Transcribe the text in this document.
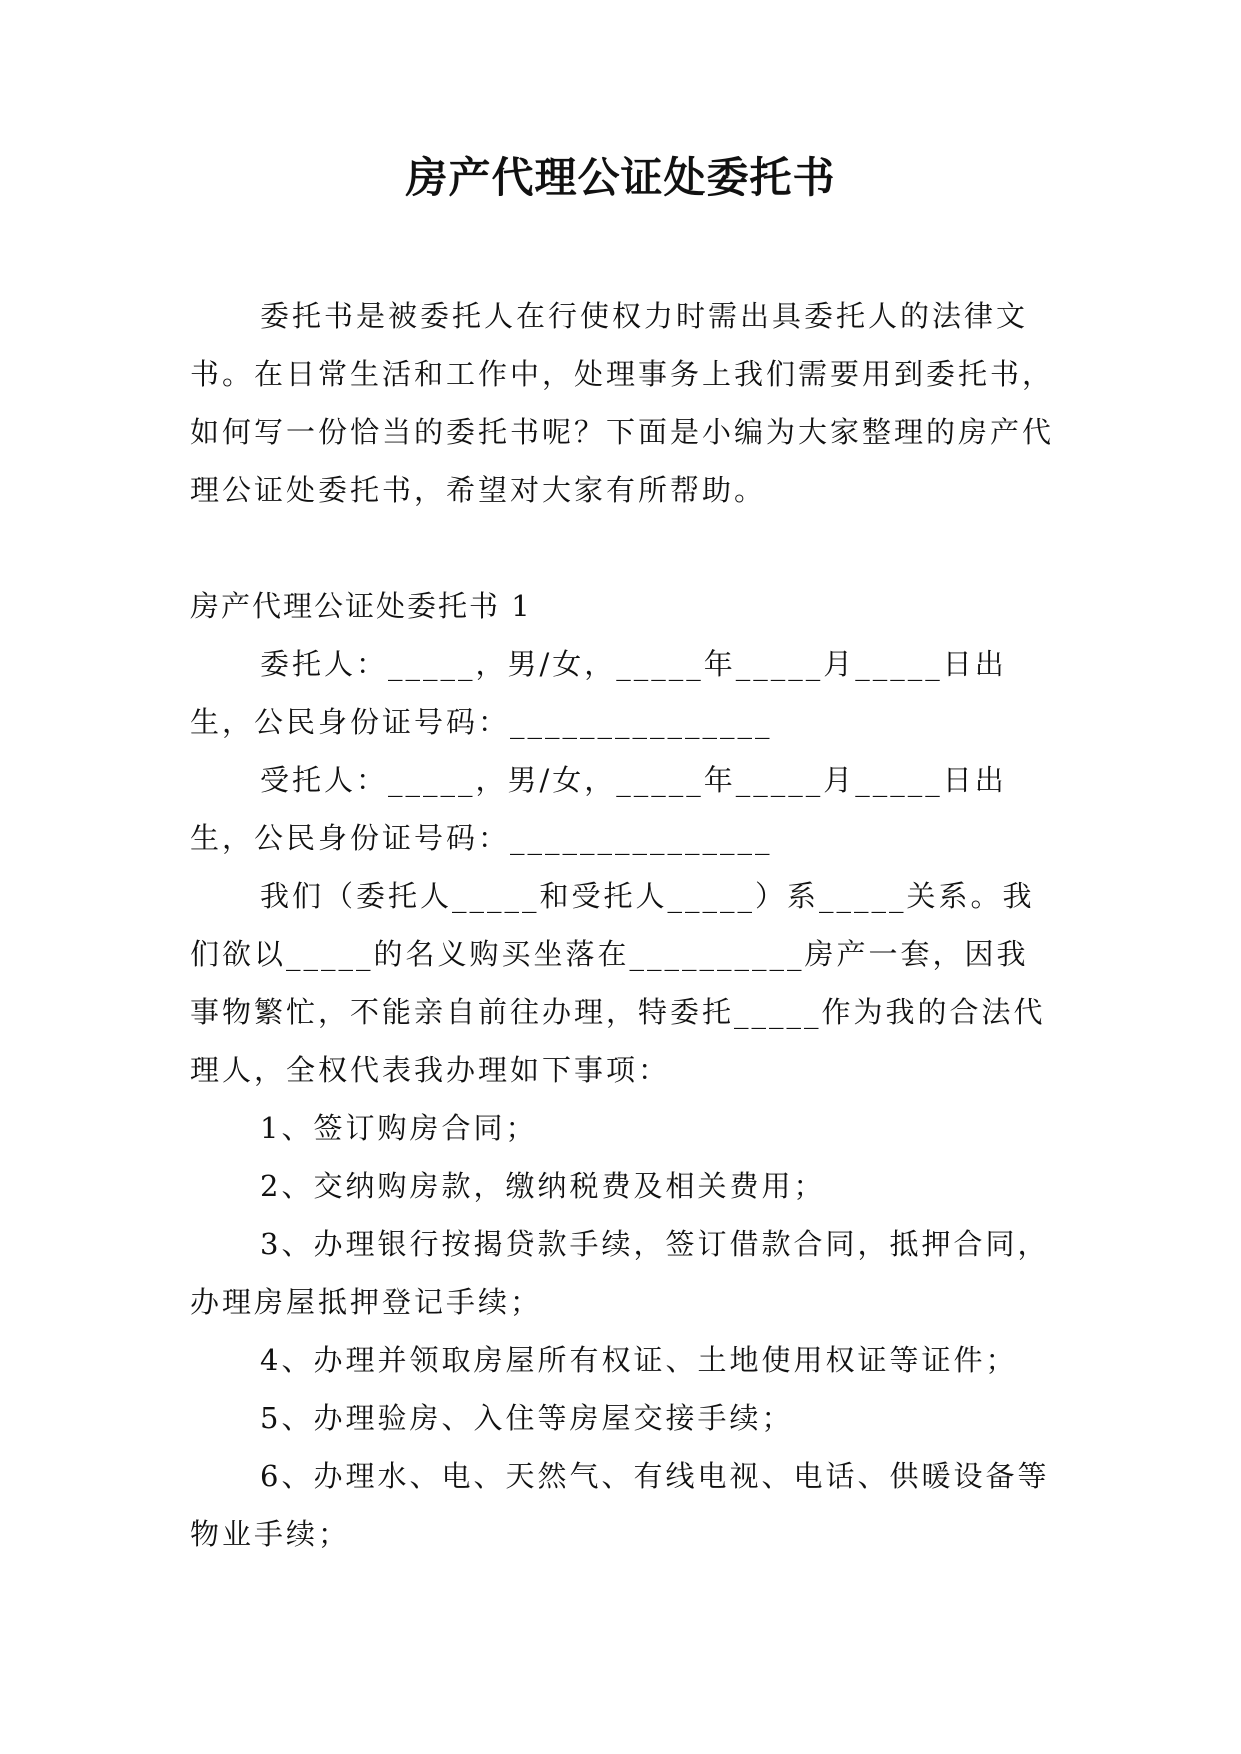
房产代理公证处委托书

委托书是被委托人在行使权力时需出具委托人的法律文书。在日常生活和工作中，处理事务上我们需要用到委托书，如何写一份恰当的委托书呢？下面是小编为大家整理的房产代理公证处委托书，希望对大家有所帮助。

房产代理公证处委托书 1

委托人：_____，男/女，_____年_____月_____日出生，公民身份证号码：_______________

受托人：_____，男/女，_____年_____月_____日出生，公民身份证号码：_______________

我们（委托人_____和受托人_____）系_____关系。我们欲以_____的名义购买坐落在__________房产一套，因我事物繁忙，不能亲自前往办理，特委托_____作为我的合法代理人，全权代表我办理如下事项：

1、签订购房合同；

2、交纳购房款，缴纳税费及相关费用；

3、办理银行按揭贷款手续，签订借款合同，抵押合同，办理房屋抵押登记手续；

4、办理并领取房屋所有权证、土地使用权证等证件；

5、办理验房、入住等房屋交接手续；

6、办理水、电、天然气、有线电视、电话、供暖设备等物业手续；
